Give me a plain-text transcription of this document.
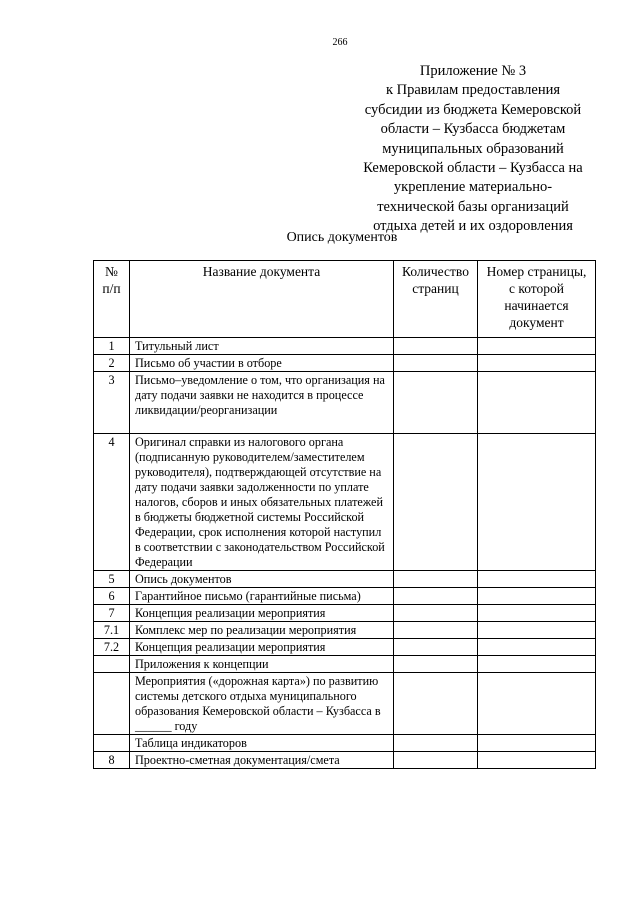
266
Приложение № 3
к Правилам предоставления
субсидии из бюджета Кемеровской
области – Кузбасса бюджетам
муниципальных образований
Кемеровской области – Кузбасса на
укрепление материально-
технической базы организаций
отдыха детей и их оздоровления
Опись документов
№ п/п	Название документа	Количество страниц	Номер страницы, с которой начинается документ
1	Титульный лист		
2	Письмо об участии в отборе		
3	Письмо–уведомление о том, что организация на дату подачи заявки не находится в процессе ликвидации/реорганизации		
4	Оригинал справки из налогового органа (подписанную руководителем/заместителем руководителя), подтверждающей отсутствие на дату подачи заявки задолженности по уплате налогов, сборов и иных обязательных платежей в бюджеты бюджетной системы Российской Федерации, срок исполнения которой наступил в соответствии с законодательством Российской Федерации		
5	Опись документов		
6	Гарантийное письмо (гарантийные письма)		
7	Концепция реализации мероприятия		
7.1	Комплекс мер по реализации мероприятия		
7.2	Концепция реализации мероприятия		
	Приложения к концепции		
	Мероприятия («дорожная карта») по развитию системы детского отдыха муниципального образования Кемеровской области – Кузбасса в ______ году		
	Таблица индикаторов		
8	Проектно-сметная документация/смета		
